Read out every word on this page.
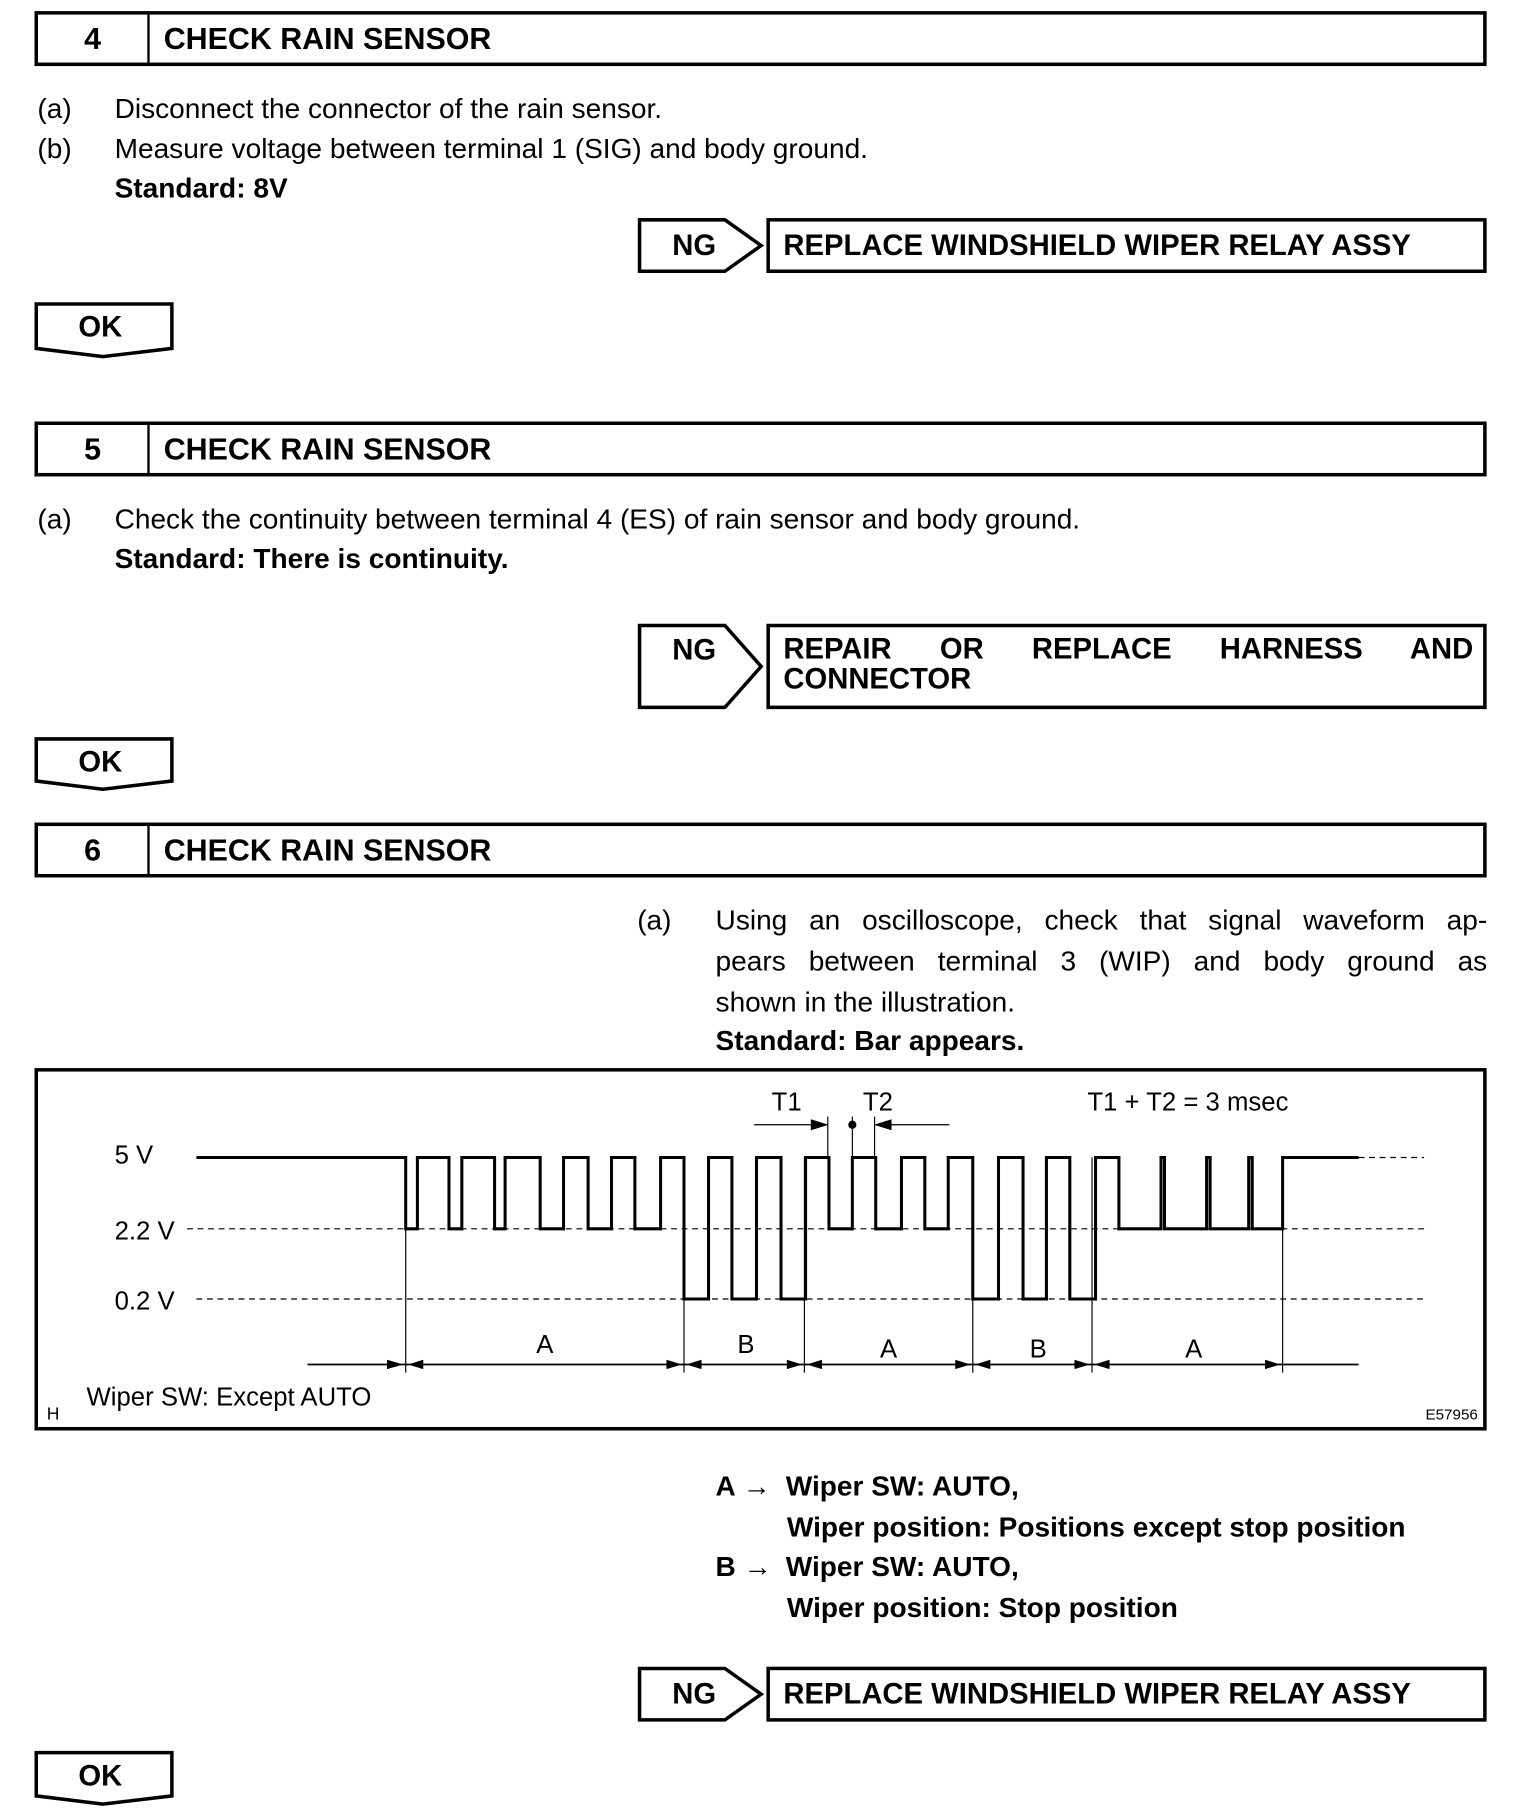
5 V
2.2 V
0.2 V
T1	T2	T1 + T2 = 3 msec
A	B	A	B	A
Wiper SW: Except AUTO
H	E57956
4 CHECK RAIN SENSOR
(a) Disconnect the connector of the rain sensor.
(b) Measure voltage between terminal 1 (SIG) and body ground.
Standard: 8V
NG	REPLACE WINDSHIELD WIPER RELAY ASSY
OK
5 CHECK RAIN SENSOR
(a) Check the continuity between terminal 4 (ES) of rain sensor and body ground.
Standard: There is continuity.
NG	REPAIR OR REPLACE HARNESS AND
CONNECTOR
OK
6 CHECK RAIN SENSOR
(a) Using an oscilloscope, check that signal waveform ap-
pears between terminal 3 (WIP) and body ground as
shown in the illustration.
Standard: Bar appears.
A → Wiper SW: AUTO,
Wiper position: Positions except stop position
B → Wiper SW: AUTO,
Wiper position: Stop position
NG	REPLACE WINDSHIELD WIPER RELAY ASSY
OK
